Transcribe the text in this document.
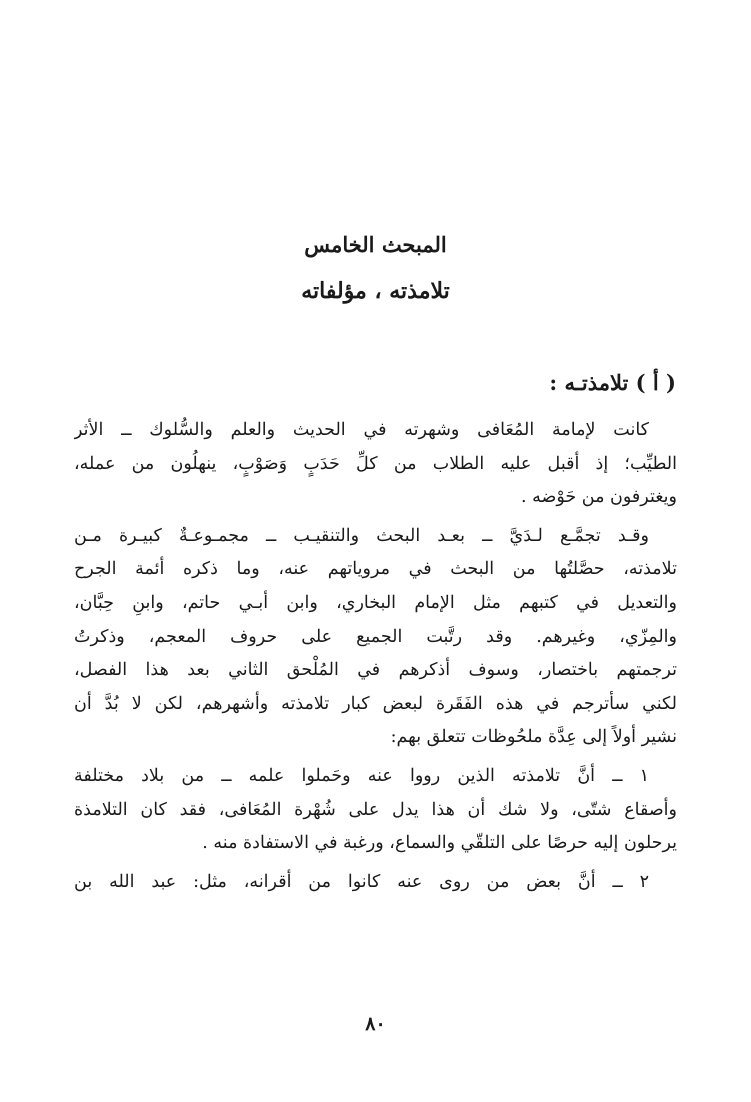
المبحث الخامس
تلامذته ، مؤلفاته
( أ ) تلامذتـه :

كانت لإمامة المُعَافى وشهرته في الحديث والعلم والسُّلوك ــ الأثر
الطيِّب؛ إذ أقبل عليه الطلاب من كلِّ حَدَبٍ وَصَوْبٍ، ينهلُون من عمله،
ويغترفون من حَوْضه .

وقـد تجمَّـع لـدَيَّ ــ بعـد البحث والتنقيـب ــ مجمـوعـةٌ كبيـرة مـن
تلامذته، حصَّلتُها من البحث في مروياتهم عنه، وما ذكره أئمة الجرح
والتعديل في كتبهم مثل الإمام البخاري، وابن أبـي حاتم، وابنِ حِبَّان،
والمِزّي، وغيرهم. وقد رتَّبت الجميع على حروف المعجم، وذكرتُ
ترجمتهم باختصار، وسوف أذكرهم في المُلْحق الثاني بعد هذا الفصل،
لكني سأترجم في هذه الفَقَرة لبعض كبار تلامذته وأشهرهم، لكن لا بُدَّ أن
نشير أولاً إلى عِدَّة ملحُوظات تتعلق بهم:

١ ــ أنَّ تلامذته الذين رووا عنه وحَملوا علمه ــ من بلاد مختلفة
وأصقاع شتّى، ولا شك أن هذا يدل على شُهْرة المُعَافى، فقد كان التلامذة
يرحلون إليه حرصًا على التلقّي والسماع، ورغبة في الاستفادة منه .

٢ ــ أنَّ بعض من روى عنه كانوا من أقرانه، مثل: عبد الله بن

٨٠
